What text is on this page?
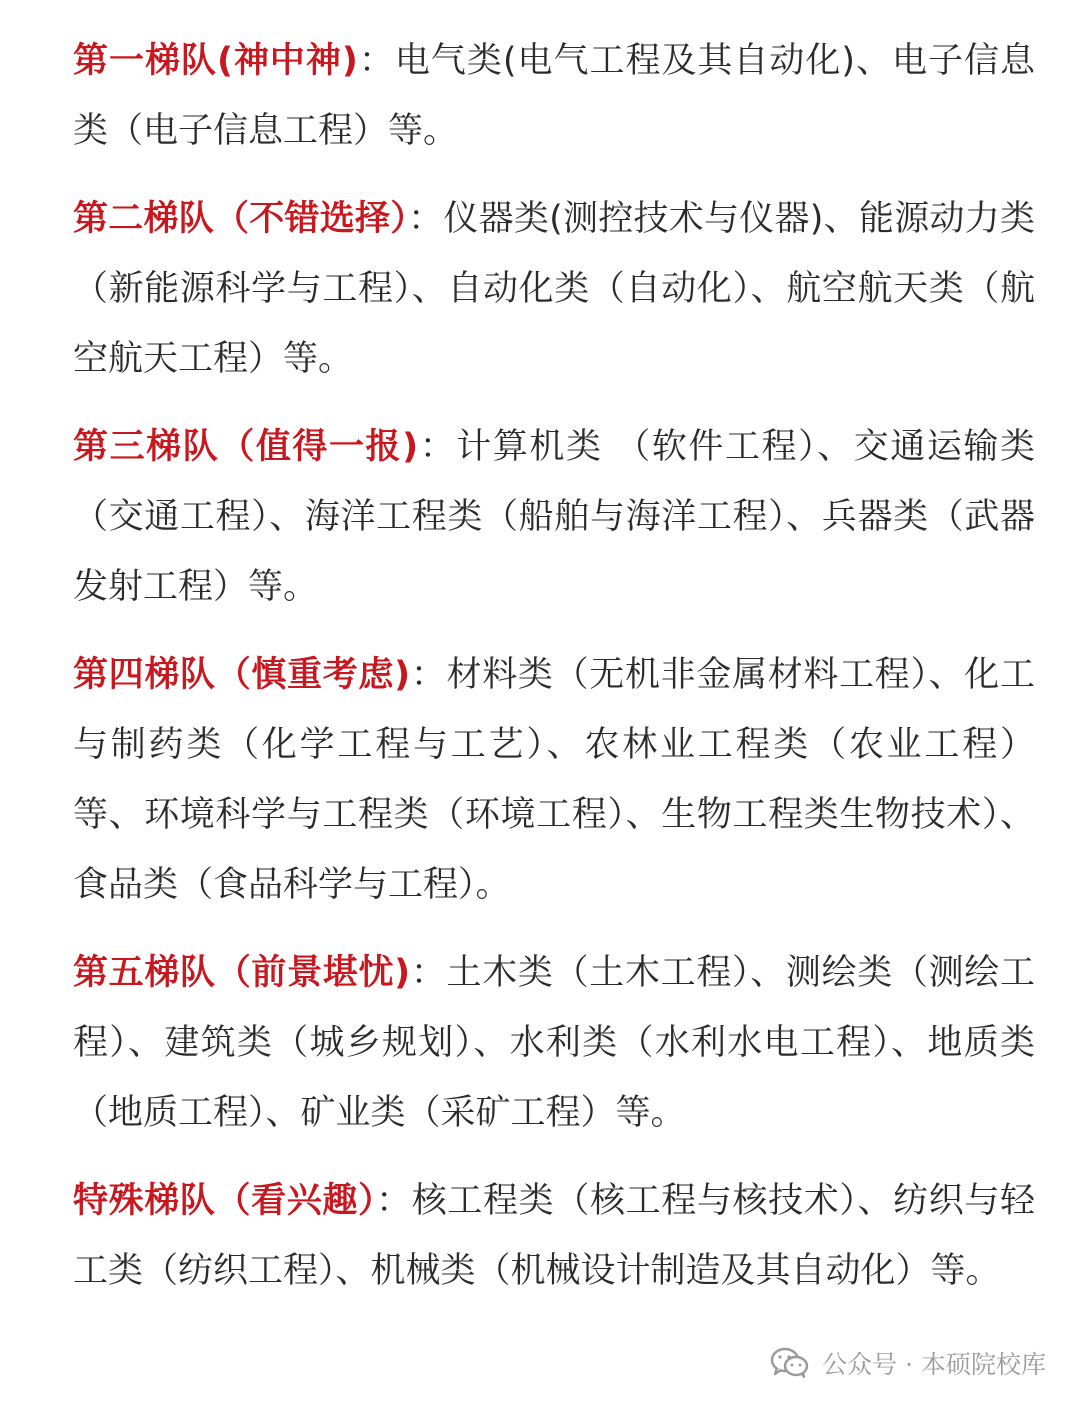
第一梯队(神中神)：电气类(电气工程及其自动化)、电子信息类（电子信息工程）等。

第二梯队（不错选择）：仪器类(测控技术与仪器)、能源动力类（新能源科学与工程）、自动化类（自动化）、航空航天类（航空航天工程）等。

第三梯队（值得一报)：计算机类 （软件工程）、交通运输类（交通工程）、海洋工程类（船舶与海洋工程）、兵器类（武器发射工程）等。

第四梯队（慎重考虑)：材料类（无机非金属材料工程）、化工与制药类（化学工程与工艺）、农林业工程类（农业工程）等、环境科学与工程类（环境工程）、生物工程类生物技术）、食品类（食品科学与工程）。

第五梯队（前景堪忧)：土木类（土木工程）、测绘类（测绘工程）、建筑类（城乡规划）、水利类（水利水电工程）、地质类（地质工程）、矿业类（采矿工程）等。

特殊梯队（看兴趣）：核工程类（核工程与核技术）、纺织与轻工类（纺织工程）、机械类（机械设计制造及其自动化）等。

公众号 · 本硕院校库
